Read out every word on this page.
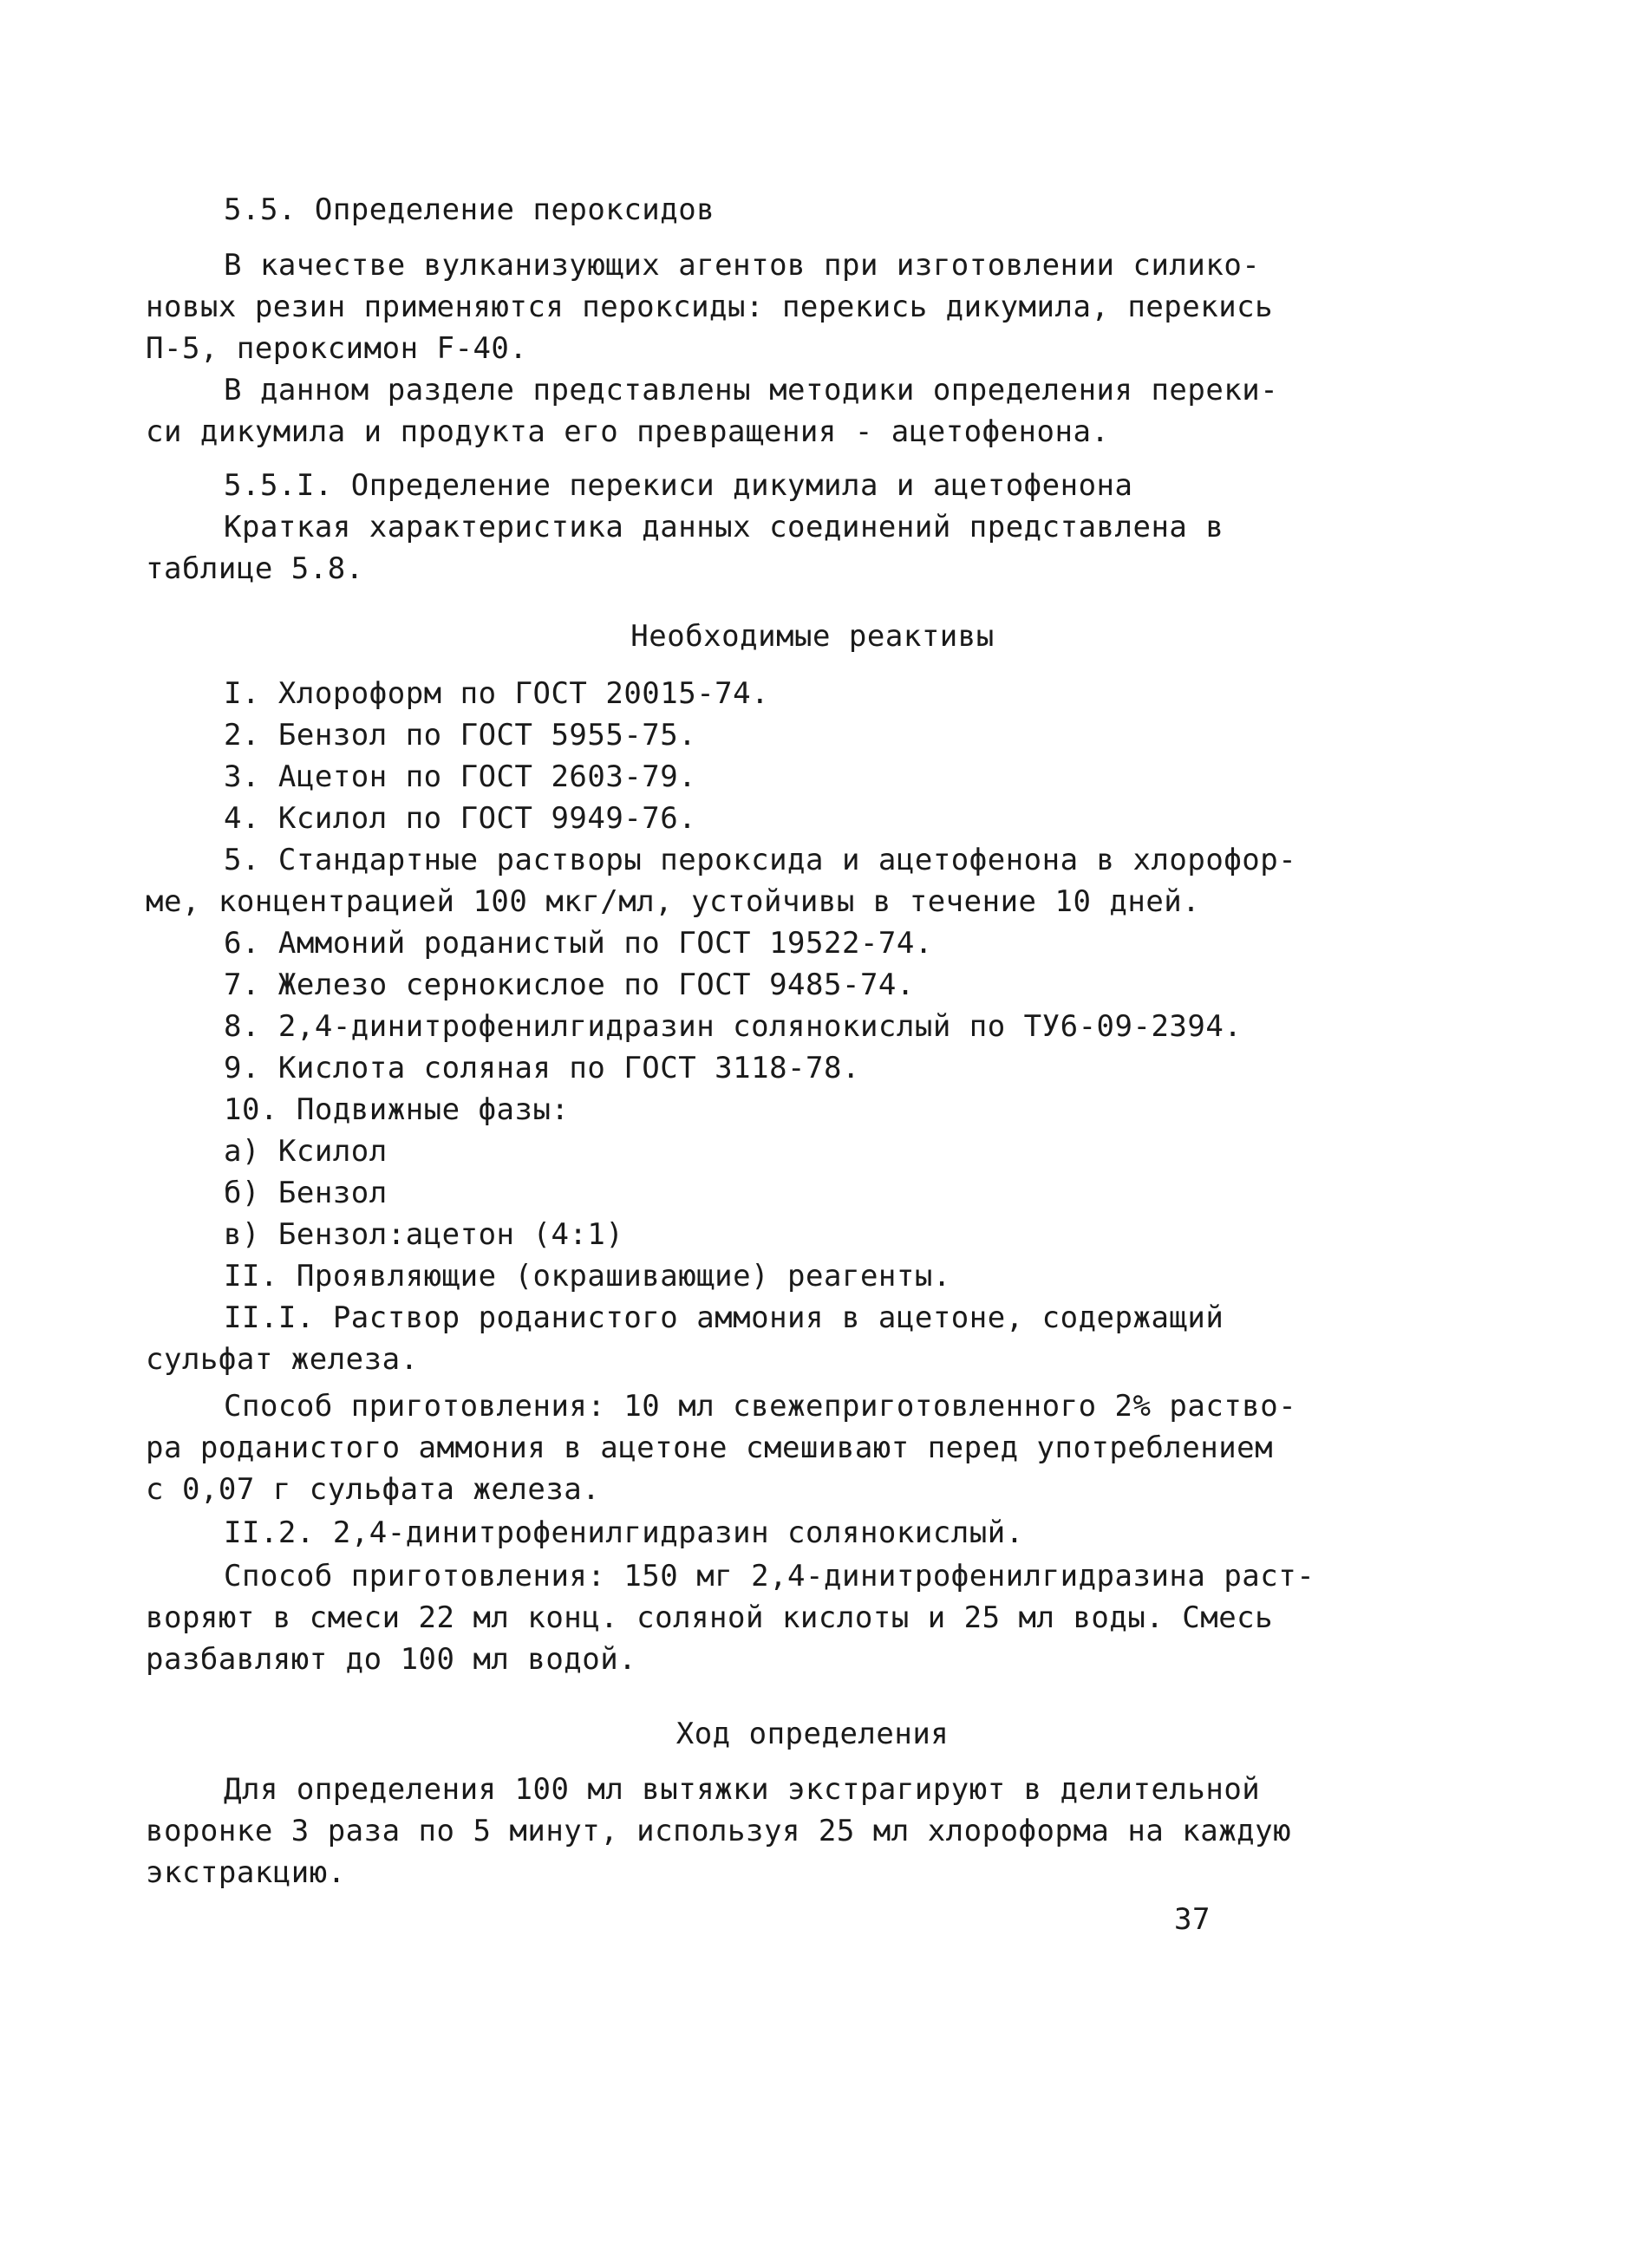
5.5. Определение пероксидов

В качестве вулканизующих агентов при изготовлении силико-

новых резин применяются пероксиды: перекись дикумила, перекись

П-5, пероксимон F-40.

В данном разделе представлены методики определения переки-

си дикумила и продукта его превращения - ацетофенона.

5.5.I. Определение перекиси дикумила и ацетофенона

Краткая характеристика данных соединений представлена в

таблице 5.8.

Необходимые реактивы

I. Хлороформ по ГОСТ 20015-74.

2. Бензол по ГОСТ 5955-75.

3. Ацетон по ГОСТ 2603-79.

4. Ксилол по ГОСТ 9949-76.

5. Стандартные растворы пероксида и ацетофенона в хлорофор-

ме, концентрацией 100 мкг/мл, устойчивы в течение 10 дней.

6. Аммоний роданистый по ГОСТ 19522-74.

7. Железо сернокислое по ГОСТ 9485-74.

8. 2,4-динитрофенилгидразин солянокислый по ТУ6-09-2394.

9. Кислота соляная по ГОСТ 3118-78.

10. Подвижные фазы:

а) Ксилол

б) Бензол

в) Бензол:ацетон (4:1)

II. Проявляющие (окрашивающие) реагенты.

II.I. Раствор роданистого аммония в ацетоне, содержащий

сульфат железа.

Способ приготовления: 10 мл свежеприготовленного 2% раство-

ра роданистого аммония в ацетоне смешивают перед употреблением

с 0,07 г сульфата железа.

II.2. 2,4-динитрофенилгидразин солянокислый.

Способ приготовления: 150 мг 2,4-динитрофенилгидразина раст-

воряют в смеси 22 мл конц. соляной кислоты и 25 мл воды. Смесь

разбавляют до 100 мл водой.

Ход определения

Для определения 100 мл вытяжки экстрагируют в делительной

воронке 3 раза по 5 минут, используя 25 мл хлороформа на каждую

экстракцию.

37
